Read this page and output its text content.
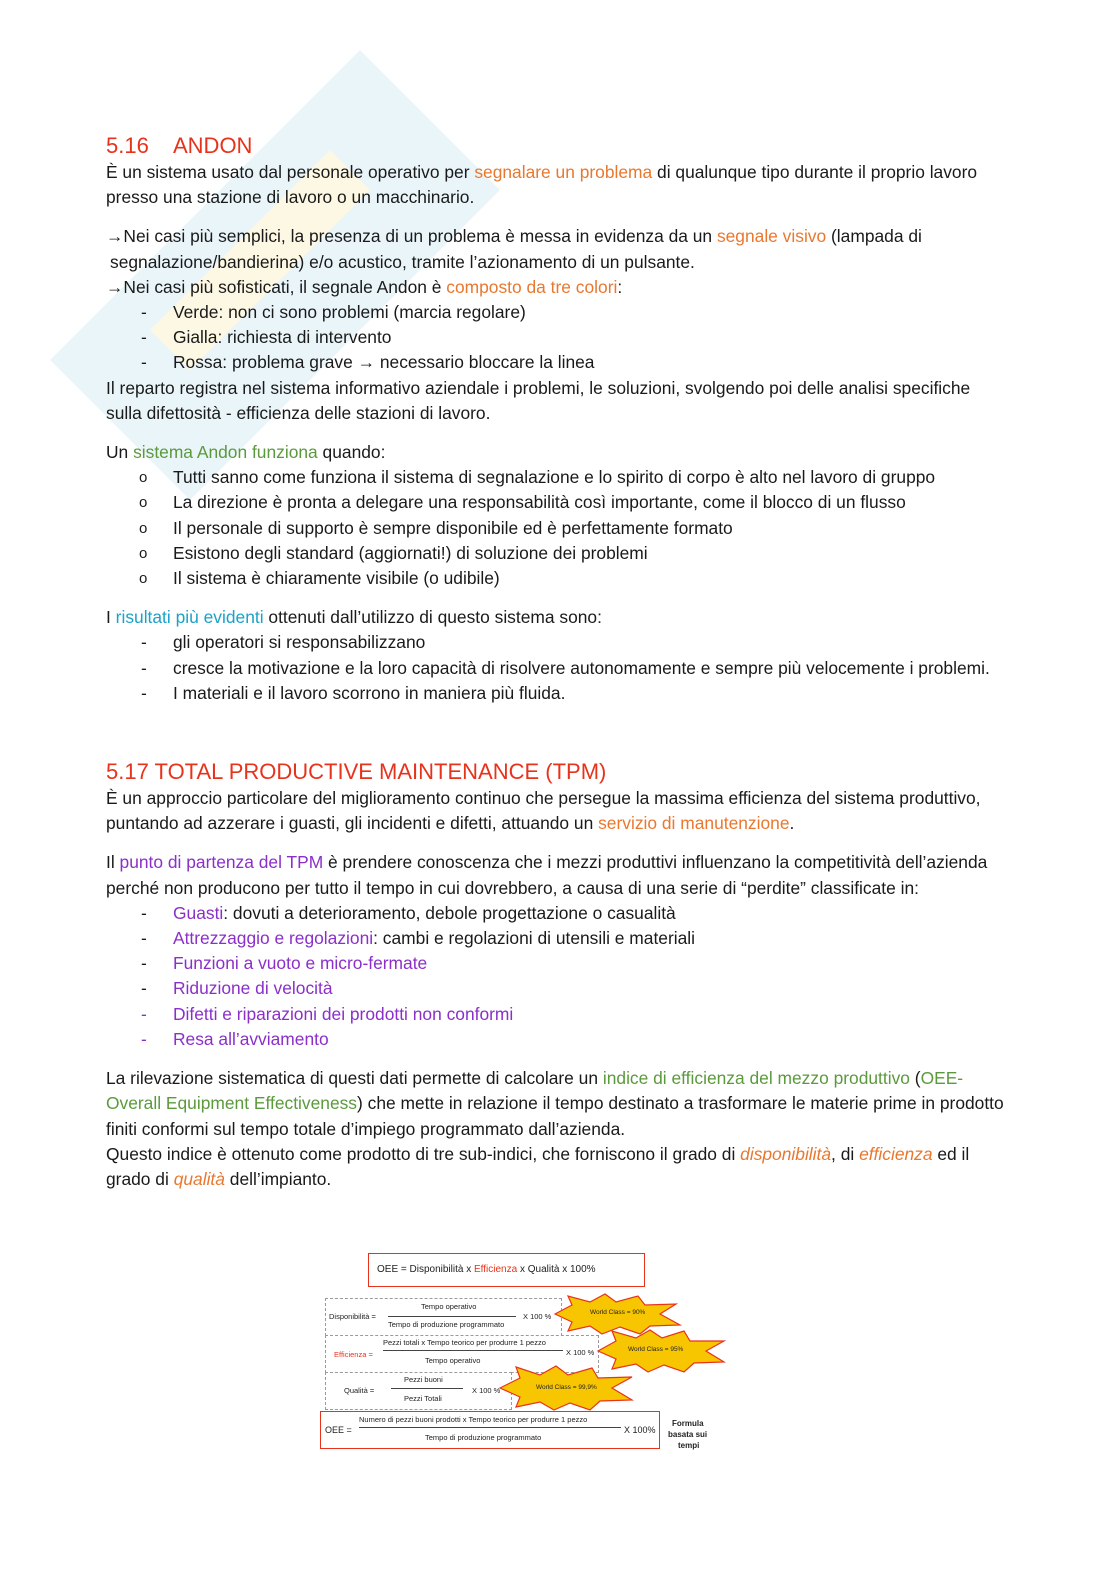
5.16 ANDON

È un sistema usato dal personale operativo per segnalare un problema di qualunque tipo durante il proprio lavoro presso una stazione di lavoro o un macchinario.

→Nei casi più semplici, la presenza di un problema è messa in evidenza da un segnale visivo (lampada di

segnalazione/bandierina) e/o acustico, tramite l’azionamento di un pulsante.

→Nei casi più sofisticati, il segnale Andon è composto da tre colori:

- Verde: non ci sono problemi (marcia regolare)
- Gialla: richiesta di intervento
- Rossa: problema grave → necessario bloccare la linea

Il reparto registra nel sistema informativo aziendale i problemi, le soluzioni, svolgendo poi delle analisi specifiche sulla difettosità - efficienza delle stazioni di lavoro.

Un sistema Andon funziona quando:

o Tutti sanno come funziona il sistema di segnalazione e lo spirito di corpo è alto nel lavoro di gruppo
o La direzione è pronta a delegare una responsabilità così importante, come il blocco di un flusso
o Il personale di supporto è sempre disponibile ed è perfettamente formato
o Esistono degli standard (aggiornati!) di soluzione dei problemi
o Il sistema è chiaramente visibile (o udibile)

I risultati più evidenti ottenuti dall’utilizzo di questo sistema sono:

- gli operatori si responsabilizzano
- cresce la motivazione e la loro capacità di risolvere autonomamente e sempre più velocemente i problemi.
- I materiali e il lavoro scorrono in maniera più fluida.
5.17 TOTAL PRODUCTIVE MAINTENANCE (TPM)

È un approccio particolare del miglioramento continuo che persegue la massima efficienza del sistema produttivo, puntando ad azzerare i guasti, gli incidenti e difetti, attuando un servizio di manutenzione.

Il punto di partenza del TPM è prendere conoscenza che i mezzi produttivi influenzano la competitività dell’azienda perché non producono per tutto il tempo in cui dovrebbero, a causa di una serie di “perdite” classificate in:

- Guasti: dovuti a deterioramento, debole progettazione o casualità
- Attrezzaggio e regolazioni: cambi e regolazioni di utensili e materiali
- Funzioni a vuoto e micro-fermate
- Riduzione di velocità
- Difetti e riparazioni dei prodotti non conformi
- Resa all’avviamento

La rilevazione sistematica di questi dati permette di calcolare un indice di efficienza del mezzo produttivo (OEE- Overall Equipment Effectiveness) che mette in relazione il tempo destinato a trasformare le materie prime in prodotto finiti conformi sul tempo totale d’impiego programmato dall’azienda.

Questo indice è ottenuto come prodotto di tre sub-indici, che forniscono il grado di disponibilità, di efficienza ed il grado di qualità dell’impianto.

OEE = Disponibilità x Efficienza x Qualità x 100%
Disponibilità =
Tempo operativo
Tempo di produzione programmato
X 100 %	World Class = 90%
Efficienza =
Pezzi totali x Tempo teorico per produrre 1 pezzo
Tempo operativo
X 100 %	World Class = 95%
Qualità =
Pezzi buoni
Pezzi Totali
X 100 %	World Class = 99,9%
OEE =
Numero di pezzi buoni prodotti x Tempo teorico per produrre 1 pezzo
Tempo di produzione programmato
X 100%
Formula
basata sui
tempi
